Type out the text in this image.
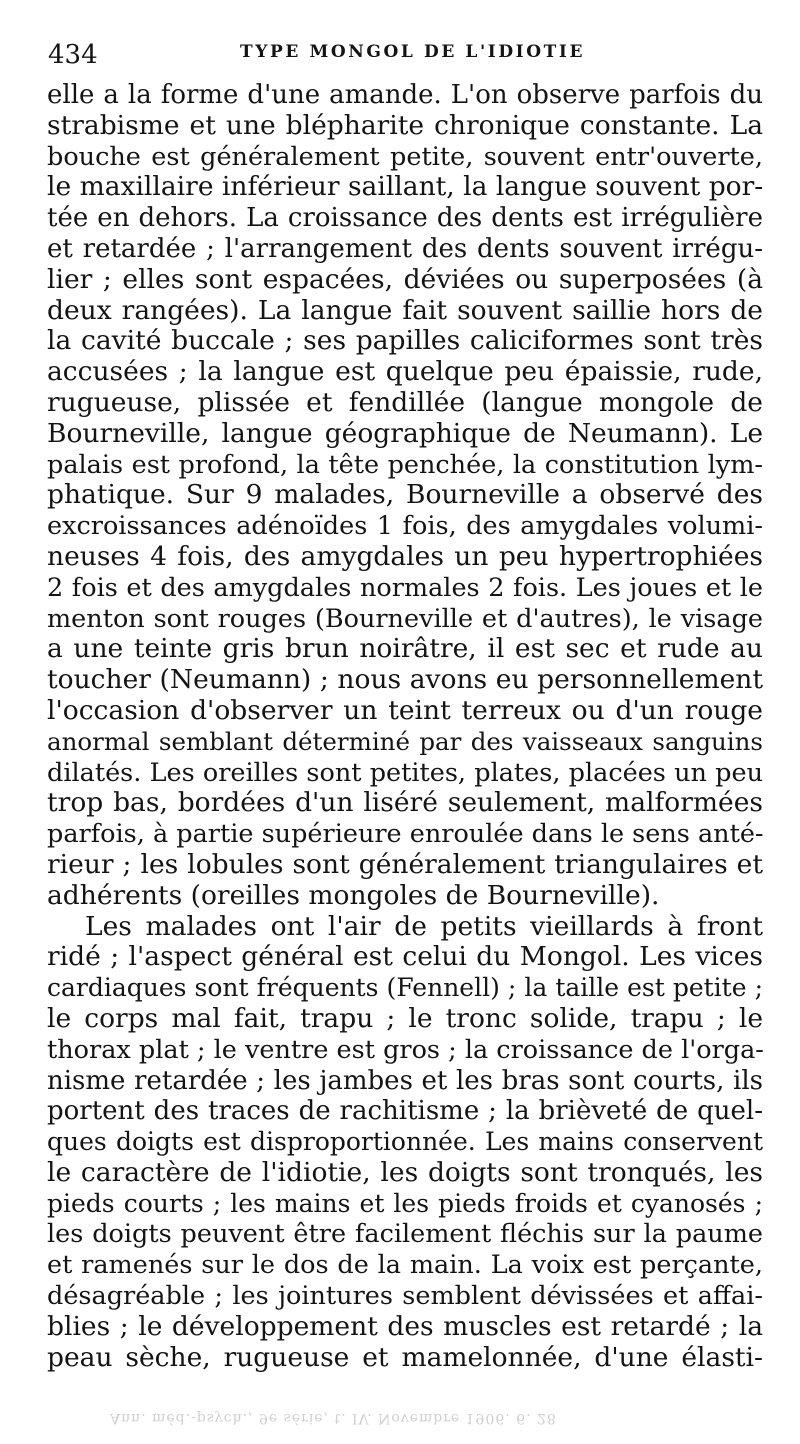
434	TYPE MONGOL DE L'IDIOTIE
elle a la forme d'une amande. L'on observe parfois du
strabisme et une blépharite chronique constante. La
bouche est généralement petite, souvent entr'ouverte,
le maxillaire inférieur saillant, la langue souvent por-
tée en dehors. La croissance des dents est irrégulière
et retardée ; l'arrangement des dents souvent irrégu-
lier ; elles sont espacées, déviées ou superposées (à
deux rangées). La langue fait souvent saillie hors de
la cavité buccale ; ses papilles caliciformes sont très
accusées ; la langue est quelque peu épaissie, rude,
rugueuse, plissée et fendillée (langue mongole de
Bourneville, langue géographique de Neumann). Le
palais est profond, la tête penchée, la constitution lym-
phatique. Sur 9 malades, Bourneville a observé des
excroissances adénoïdes 1 fois, des amygdales volumi-
neuses 4 fois, des amygdales un peu hypertrophiées
2 fois et des amygdales normales 2 fois. Les joues et le
menton sont rouges (Bourneville et d'autres), le visage
a une teinte gris brun noirâtre, il est sec et rude au
toucher (Neumann) ; nous avons eu personnellement
l'occasion d'observer un teint terreux ou d'un rouge
anormal semblant déterminé par des vaisseaux sanguins
dilatés. Les oreilles sont petites, plates, placées un peu
trop bas, bordées d'un liséré seulement, malformées
parfois, à partie supérieure enroulée dans le sens anté-
rieur ; les lobules sont généralement triangulaires et
adhérents (oreilles mongoles de Bourneville).
Les malades ont l'air de petits vieillards à front
ridé ; l'aspect général est celui du Mongol. Les vices
cardiaques sont fréquents (Fennell) ; la taille est petite ;
le corps mal fait, trapu ; le tronc solide, trapu ; le
thorax plat ; le ventre est gros ; la croissance de l'orga-
nisme retardée ; les jambes et les bras sont courts, ils
portent des traces de rachitisme ; la brièveté de quel-
ques doigts est disproportionnée. Les mains conservent
le caractère de l'idiotie, les doigts sont tronqués, les
pieds courts ; les mains et les pieds froids et cyanosés ;
les doigts peuvent être facilement fléchis sur la paume
et ramenés sur le dos de la main. La voix est perçante,
désagréable ; les jointures semblent dévissées et affai-
blies ; le développement des muscles est retardé ; la
peau sèche, rugueuse et mamelonnée, d'une élasti-
Ann. méd.-psych., 9e série, t. IV. Novembre 1906. 6. 28
